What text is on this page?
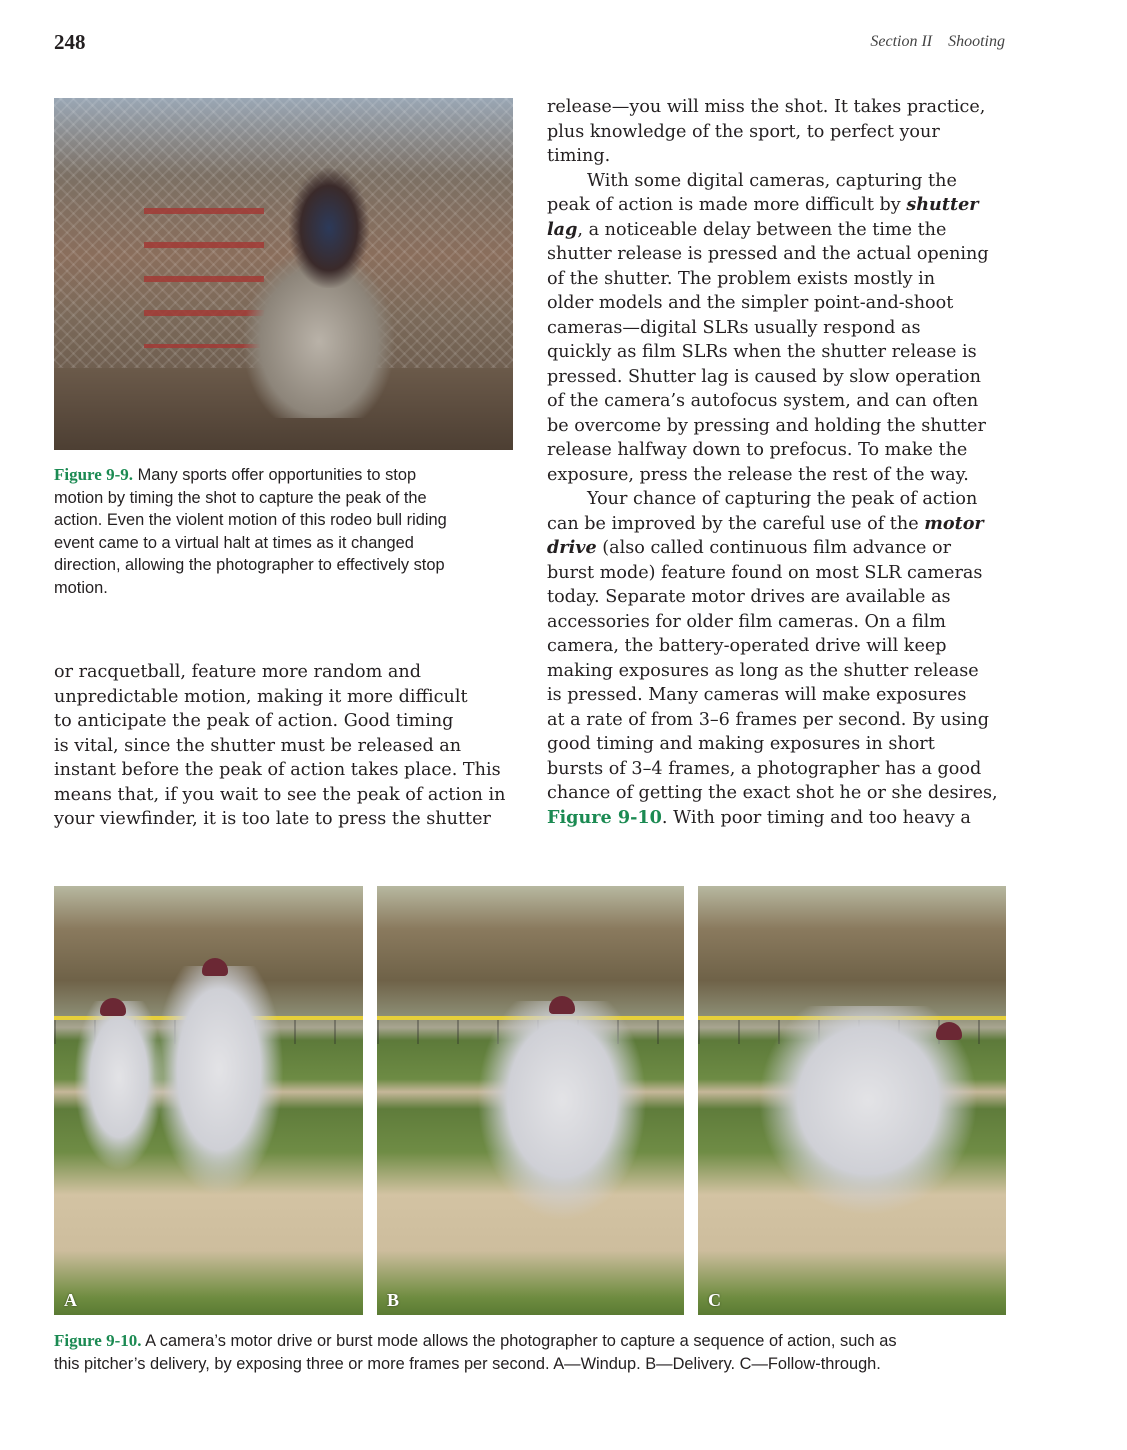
248	Section II    Shooting
Figure 9-9. Many sports offer opportunities to stop
motion by timing the shot to capture the peak of the
action. Even the violent motion of this rodeo bull riding
event came to a virtual halt at times as it changed
direction, allowing the photographer to effectively stop
motion.
or racquetball, feature more random and
unpredictable motion, making it more difficult
to anticipate the peak of action. Good timing
is vital, since the shutter must be released an
instant before the peak of action takes place. This
means that, if you wait to see the peak of action in
your viewfinder, it is too late to press the shutter
release—you will miss the shot. It takes practice,
plus knowledge of the sport, to perfect your
timing.
With some digital cameras, capturing the
peak of action is made more difficult by shutter
lag, a noticeable delay between the time the
shutter release is pressed and the actual opening
of the shutter. The problem exists mostly in
older models and the simpler point-and-shoot
cameras—digital SLRs usually respond as
quickly as film SLRs when the shutter release is
pressed. Shutter lag is caused by slow operation
of the camera’s autofocus system, and can often
be overcome by pressing and holding the shutter
release halfway down to prefocus. To make the
exposure, press the release the rest of the way.
Your chance of capturing the peak of action
can be improved by the careful use of the motor
drive (also called continuous film advance or
burst mode) feature found on most SLR cameras
today. Separate motor drives are available as
accessories for older film cameras. On a film
camera, the battery-operated drive will keep
making exposures as long as the shutter release
is pressed. Many cameras will make exposures
at a rate of from 3–6 frames per second. By using
good timing and making exposures in short
bursts of 3–4 frames, a photographer has a good
chance of getting the exact shot he or she desires,
Figure 9-10. With poor timing and too heavy a
A	B	C
Figure 9-10. A camera’s motor drive or burst mode allows the photographer to capture a sequence of action, such as
this pitcher’s delivery, by exposing three or more frames per second. A—Windup. B—Delivery. C—Follow-through.
